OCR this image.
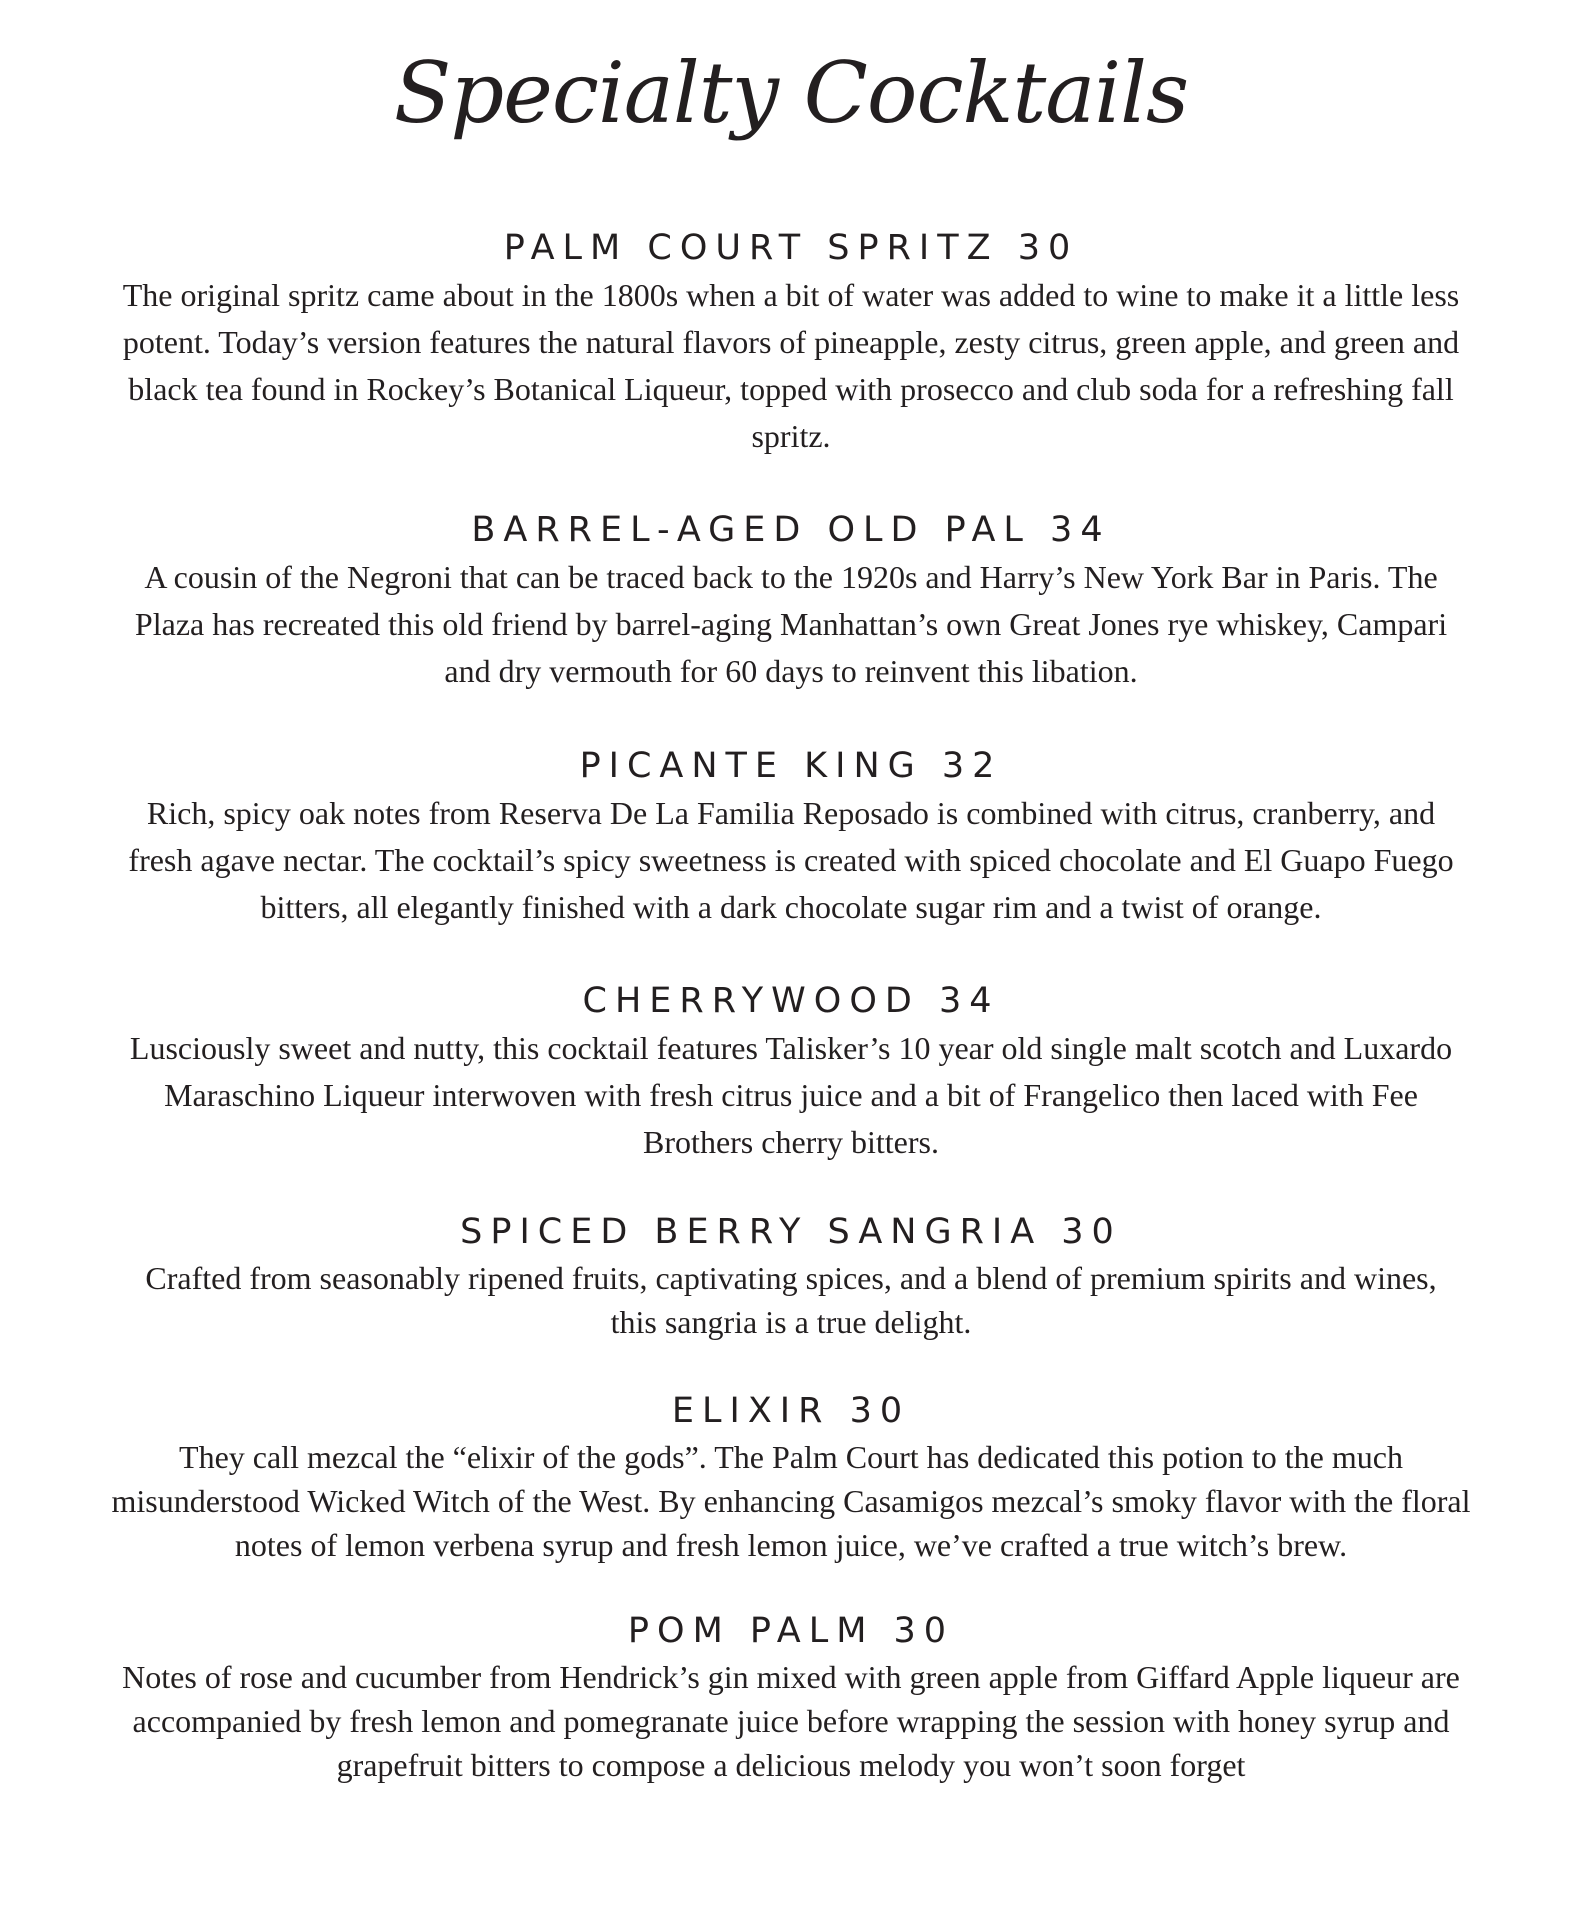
Specialty Cocktails
PALM COURT SPRITZ 30
The original spritz came about in the 1800s when a bit of water was added to wine to make it a little less potent. Today’s version features the natural flavors of pineapple, zesty citrus, green apple, and green and black tea found in Rockey’s Botanical Liqueur, topped with prosecco and club soda for a refreshing fall spritz.
BARREL-AGED OLD PAL 34
A cousin of the Negroni that can be traced back to the 1920s and Harry’s New York Bar in Paris. The Plaza has recreated this old friend by barrel-aging Manhattan’s own Great Jones rye whiskey, Campari and dry vermouth for 60 days to reinvent this libation.
PICANTE KING 32
Rich, spicy oak notes from Reserva De La Familia Reposado is combined with citrus, cranberry, and fresh agave nectar. The cocktail’s spicy sweetness is created with spiced chocolate and El Guapo Fuego bitters, all elegantly finished with a dark chocolate sugar rim and a twist of orange.
CHERRYWOOD 34
Lusciously sweet and nutty, this cocktail features Talisker’s 10 year old single malt scotch and Luxardo Maraschino Liqueur interwoven with fresh citrus juice and a bit of Frangelico then laced with Fee Brothers cherry bitters.
SPICED BERRY SANGRIA 30
Crafted from seasonably ripened fruits, captivating spices, and a blend of premium spirits and wines, this sangria is a true delight.
ELIXIR 30
They call mezcal the “elixir of the gods”. The Palm Court has dedicated this potion to the much misunderstood Wicked Witch of the West. By enhancing Casamigos mezcal’s smoky flavor with the floral notes of lemon verbena syrup and fresh lemon juice, we’ve crafted a true witch’s brew.
POM PALM 30
Notes of rose and cucumber from Hendrick’s gin mixed with green apple from Giffard Apple liqueur are accompanied by fresh lemon and pomegranate juice before wrapping the session with honey syrup and grapefruit bitters to compose a delicious melody you won’t soon forget
